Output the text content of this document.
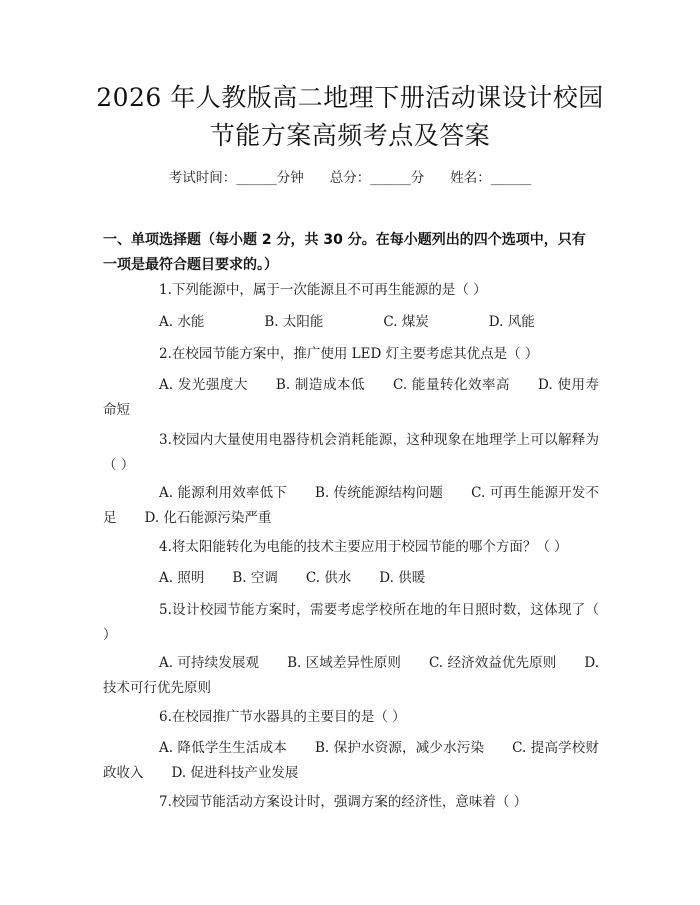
2026 年人教版高二地理下册活动课设计校园
节能方案高频考点及答案
考试时间：______分钟 总分：______分 姓名：______
一、单项选择题（每小题 2 分，共 30 分。在每小题列出的四个选项中，只有一项是最符合题目要求的。）
1.下列能源中，属于一次能源且不可再生能源的是（ ）
A. 水能	B. 太阳能	C. 煤炭	D. 风能
2.在校园节能方案中，推广使用 LED 灯主要考虑其优点是（ ）
A. 发光强度大 B. 制造成本低 C. 能量转化效率高 D. 使用寿命短
3.校园内大量使用电器待机会消耗能源，这种现象在地理学上可以解释为（ ）
A. 能源利用效率低下 B. 传统能源结构问题 C. 可再生能源开发不足 D. 化石能源污染严重
4.将太阳能转化为电能的技术主要应用于校园节能的哪个方面？（ ）
A. 照明 B. 空调 C. 供水 D. 供暖
5.设计校园节能方案时，需要考虑学校所在地的年日照时数，这体现了（ ）
A. 可持续发展观 B. 区域差异性原则 C. 经济效益优先原则 D. 技术可行优先原则
6.在校园推广节水器具的主要目的是（ ）
A. 降低学生生活成本 B. 保护水资源，减少水污染 C. 提高学校财政收入 D. 促进科技产业发展
7.校园节能活动方案设计时，强调方案的经济性，意味着（ ）
